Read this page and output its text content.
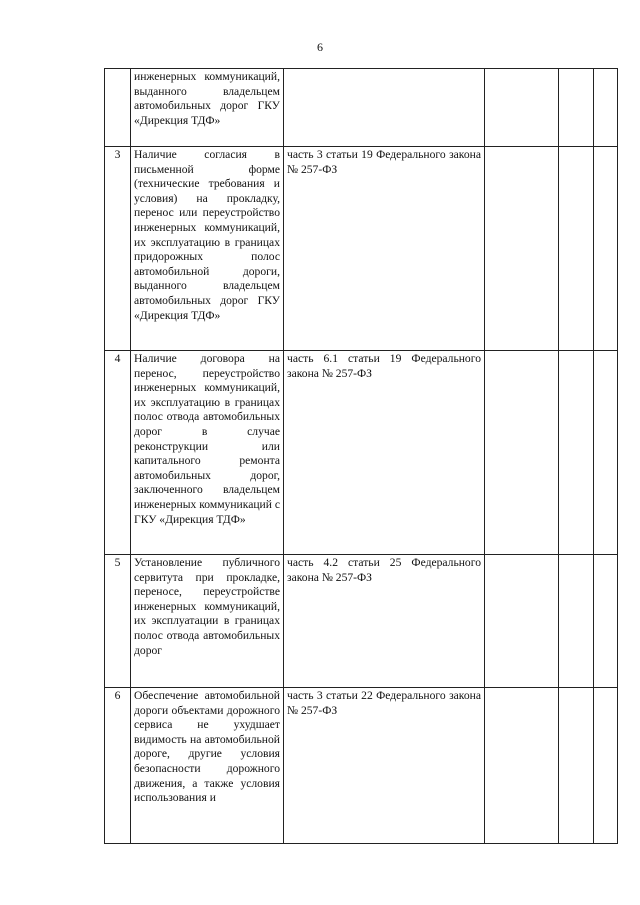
6
	инженерных коммуникаций, выданного владельцем автомобильных дорог ГКУ «Дирекция ТДФ»				
3	Наличие согласия в письменной форме (технические требования и условия) на прокладку, перенос или переустройство инженерных коммуникаций, их эксплуатацию в границах придорожных полос автомобильной дороги, выданного владельцем автомобильных дорог ГКУ «Дирекция ТДФ»	часть 3 статьи 19 Федерального закона № 257-ФЗ			
4	Наличие договора на перенос, переустройство инженерных коммуникаций, их эксплуатацию в границах полос отвода автомобильных дорог в случае реконструкции или капитального ремонта автомобильных дорог, заключенного владельцем инженерных коммуникаций с ГКУ «Дирекция ТДФ»	часть 6.1 статьи 19 Федерального закона № 257-ФЗ			
5	Установление публичного сервитута при прокладке, переносе, переустройстве инженерных коммуникаций, их эксплуатации в границах полос отвода автомобильных дорог	часть 4.2 статьи 25 Федерального закона № 257-ФЗ			
6	Обеспечение автомобильной дороги объектами дорожного сервиса не ухудшает видимость на автомобильной дороге, другие условия безопасности дорожного движения, а также условия использования и	часть 3 статьи 22 Федерального закона № 257-ФЗ			
